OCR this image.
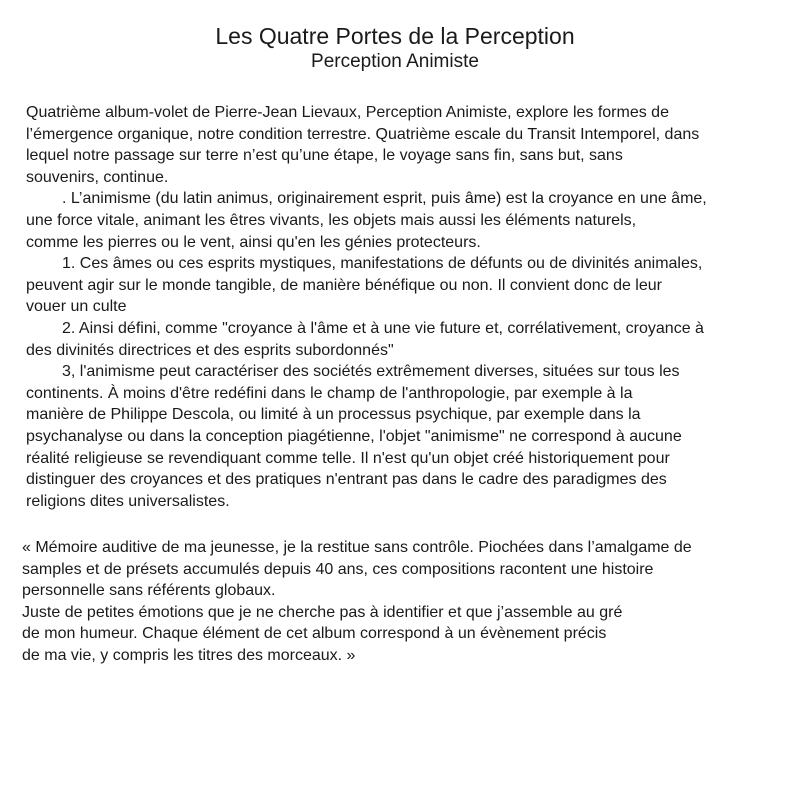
Les Quatre Portes de la Perception
Perception Animiste
Quatrième album-volet de Pierre-Jean Lievaux, Perception Animiste, explore les formes de
l’émergence organique, notre condition terrestre. Quatrième escale du Transit Intemporel, dans
lequel notre passage sur terre n’est qu’une étape, le voyage sans fin, sans but, sans
souvenirs, continue.
. L’animisme (du latin animus, originairement esprit, puis âme) est la croyance en une âme,
une force vitale, animant les êtres vivants, les objets mais aussi les éléments naturels,
comme les pierres ou le vent, ainsi qu'en les génies protecteurs.
1. Ces âmes ou ces esprits mystiques, manifestations de défunts ou de divinités animales,
peuvent agir sur le monde tangible, de manière bénéfique ou non. Il convient donc de leur
vouer un culte
2. Ainsi défini, comme "croyance à l'âme et à une vie future et, corrélativement, croyance à
des divinités directrices et des esprits subordonnés"
3, l'animisme peut caractériser des sociétés extrêmement diverses, situées sur tous les
continents. À moins d'être redéfini dans le champ de l'anthropologie, par exemple à la
manière de Philippe Descola, ou limité à un processus psychique, par exemple dans la
psychanalyse ou dans la conception piagétienne, l'objet "animisme" ne correspond à aucune
réalité religieuse se revendiquant comme telle. Il n'est qu'un objet créé historiquement pour
distinguer des croyances et des pratiques n'entrant pas dans le cadre des paradigmes des
religions dites universalistes.
« Mémoire auditive de ma jeunesse, je la restitue sans contrôle. Piochées dans l’amalgame de
samples et de présets accumulés depuis 40 ans, ces compositions racontent une histoire
personnelle sans référents globaux.
Juste de petites émotions que je ne cherche pas à identifier et que j’assemble au gré
de mon humeur. Chaque élément de cet album correspond à un évènement précis
de ma vie, y compris les titres des morceaux. »
